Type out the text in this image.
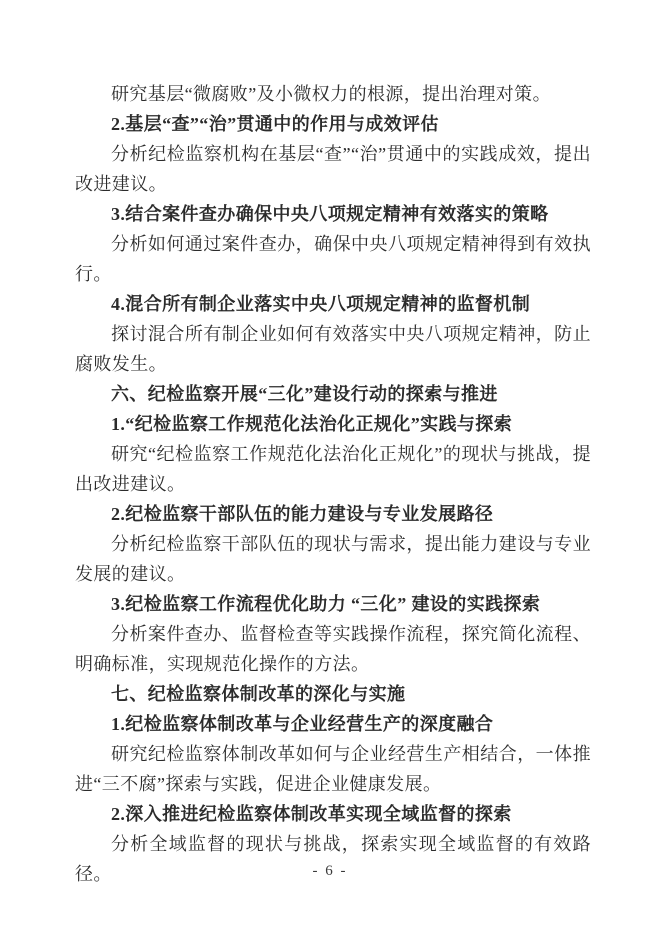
研究基层“微腐败”及小微权力的根源，提出治理对策。

2.基层“查”“治”贯通中的作用与成效评估

分析纪检监察机构在基层“查”“治”贯通中的实践成效，提出改进建议。

3.结合案件查办确保中央八项规定精神有效落实的策略

分析如何通过案件查办，确保中央八项规定精神得到有效执行。

4.混合所有制企业落实中央八项规定精神的监督机制

探讨混合所有制企业如何有效落实中央八项规定精神，防止腐败发生。

六、纪检监察开展“三化”建设行动的探索与推进

1.“纪检监察工作规范化法治化正规化”实践与探索

研究“纪检监察工作规范化法治化正规化”的现状与挑战，提出改进建议。

2.纪检监察干部队伍的能力建设与专业发展路径

分析纪检监察干部队伍的现状与需求，提出能力建设与专业发展的建议。

3.纪检监察工作流程优化助力 “三化” 建设的实践探索

分析案件查办、监督检查等实践操作流程，探究简化流程、明确标准，实现规范化操作的方法。

七、纪检监察体制改革的深化与实施

1.纪检监察体制改革与企业经营生产的深度融合

研究纪检监察体制改革如何与企业经营生产相结合，一体推进“三不腐”探索与实践，促进企业健康发展。

2.深入推进纪检监察体制改革实现全域监督的探索

分析全域监督的现状与挑战，探索实现全域监督的有效路径。	- 6 -
